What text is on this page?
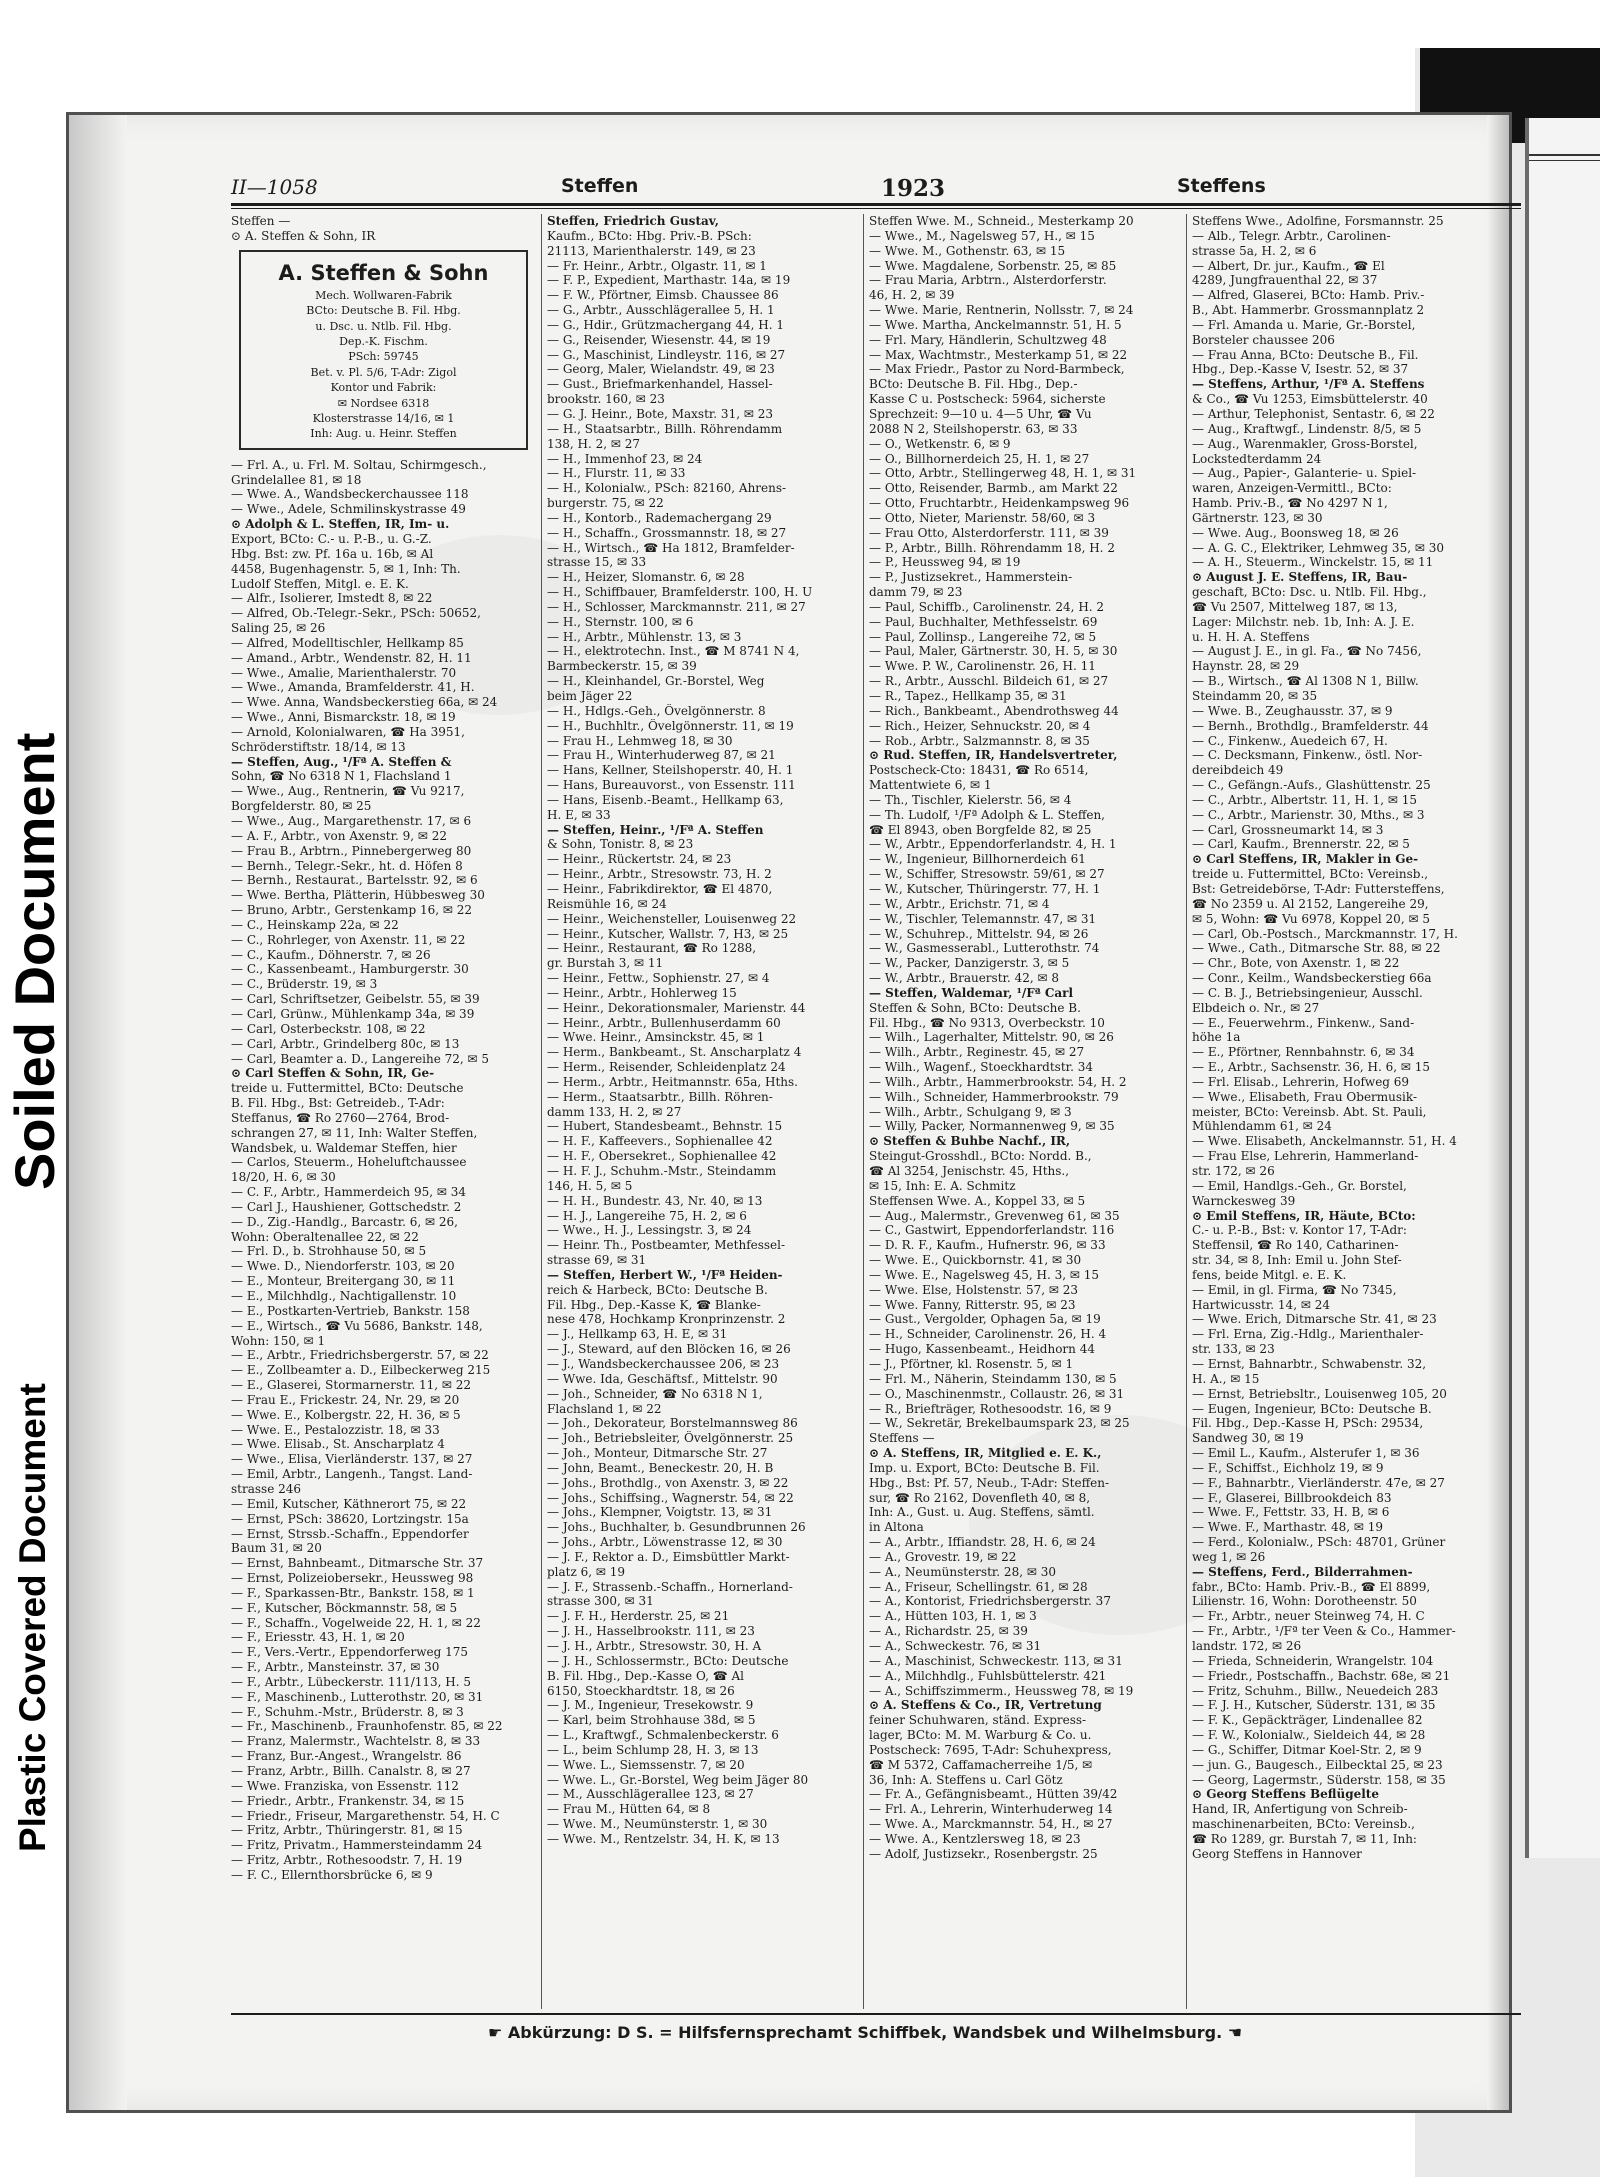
Soiled Document
Plastic Covered Document
II—1058	Steffen	1923	Steffens
Steffen —
⊙ A. Steffen & Sohn, IR
A. Steffen & Sohn
Mech. Wollwaren-Fabrik
BCto: Deutsche B. Fil. Hbg.
u. Dsc. u. Ntlb. Fil. Hbg.
Dep.-K. Fischm.
PSch: 59745
Bet. v. Pl. 5/6, T-Adr: Zigol
Kontor und Fabrik:
✉ Nordsee 6318
Klosterstrasse 14/16, ✉ 1
Inh: Aug. u. Heinr. Steffen
— Frl. A., u. Frl. M. Soltau, Schirmgesch.,
Grindelallee 81, ✉ 18
— Wwe. A., Wandsbeckerchaussee 118
— Wwe., Adele, Schmilinskystrasse 49
⊙ Adolph & L. Steffen, IR, Im- u.
Export, BCto: C.- u. P.-B., u. G.-Z.
Hbg. Bst: zw. Pf. 16a u. 16b, ✉ Al
4458, Bugenhagenstr. 5, ✉ 1, Inh: Th.
Ludolf Steffen, Mitgl. e. E. K.
— Alfr., Isolierer, Imstedt 8, ✉ 22
— Alfred, Ob.-Telegr.-Sekr., PSch: 50652,
Saling 25, ✉ 26
— Alfred, Modelltischler, Hellkamp 85
— Amand., Arbtr., Wendenstr. 82, H. 11
— Wwe., Amalie, Marienthalerstr. 70
— Wwe., Amanda, Bramfelderstr. 41, H.
— Wwe. Anna, Wandsbeckerstieg 66a, ✉ 24
— Wwe., Anni, Bismarckstr. 18, ✉ 19
— Arnold, Kolonialwaren, ☎ Ha 3951,
Schröderstiftstr. 18/14, ✉ 13
— Steffen, Aug., ¹/Fª A. Steffen &
Sohn, ☎ No 6318 N 1, Flachsland 1
— Wwe., Aug., Rentnerin, ☎ Vu 9217,
Borgfelderstr. 80, ✉ 25
— Wwe., Aug., Margarethenstr. 17, ✉ 6
— A. F., Arbtr., von Axenstr. 9, ✉ 22
— Frau B., Arbtrn., Pinnebergerweg 80
— Bernh., Telegr.-Sekr., ht. d. Höfen 8
— Bernh., Restaurat., Bartelsstr. 92, ✉ 6
— Wwe. Bertha, Plätterin, Hübbesweg 30
— Bruno, Arbtr., Gerstenkamp 16, ✉ 22
— C., Heinskamp 22a, ✉ 22
— C., Rohrleger, von Axenstr. 11, ✉ 22
— C., Kaufm., Döhnerstr. 7, ✉ 26
— C., Kassenbeamt., Hamburgerstr. 30
— C., Brüderstr. 19, ✉ 3
— Carl, Schriftsetzer, Geibelstr. 55, ✉ 39
— Carl, Grünw., Mühlenkamp 34a, ✉ 39
— Carl, Osterbeckstr. 108, ✉ 22
— Carl, Arbtr., Grindelberg 80c, ✉ 13
— Carl, Beamter a. D., Langereihe 72, ✉ 5
⊙ Carl Steffen & Sohn, IR, Ge-
treide u. Futtermittel, BCto: Deutsche
B. Fil. Hbg., Bst: Getreideb., T-Adr:
Steffanus, ☎ Ro 2760—2764, Brod-
schrangen 27, ✉ 11, Inh: Walter Steffen,
Wandsbek, u. Waldemar Steffen, hier
— Carlos, Steuerm., Hoheluftchaussee
18/20, H. 6, ✉ 30
— C. F., Arbtr., Hammerdeich 95, ✉ 34
— Carl J., Haushiener, Gottschedstr. 2
— D., Zig.-Handlg., Barcastr. 6, ✉ 26,
Wohn: Oberaltenallee 22, ✉ 22
— Frl. D., b. Strohhause 50, ✉ 5
— Wwe. D., Niendorferstr. 103, ✉ 20
— E., Monteur, Breitergang 30, ✉ 11
— E., Milchhdlg., Nachtigallenstr. 10
— E., Postkarten-Vertrieb, Bankstr. 158
— E., Wirtsch., ☎ Vu 5686, Bankstr. 148,
Wohn: 150, ✉ 1
— E., Arbtr., Friedrichsbergerstr. 57, ✉ 22
— E., Zollbeamter a. D., Eilbeckerweg 215
— E., Glaserei, Stormarnerstr. 11, ✉ 22
— Frau E., Frickestr. 24, Nr. 29, ✉ 20
— Wwe. E., Kolbergstr. 22, H. 36, ✉ 5
— Wwe. E., Pestalozzistr. 18, ✉ 33
— Wwe. Elisab., St. Anscharplatz 4
— Wwe., Elisa, Vierländerstr. 137, ✉ 27
— Emil, Arbtr., Langenh., Tangst. Land-
strasse 246
— Emil, Kutscher, Käthnerort 75, ✉ 22
— Ernst, PSch: 38620, Lortzingstr. 15a
— Ernst, Strssb.-Schaffn., Eppendorfer
Baum 31, ✉ 20
— Ernst, Bahnbeamt., Ditmarsche Str. 37
— Ernst, Polizeiobersekr., Heussweg 98
— F., Sparkassen-Btr., Bankstr. 158, ✉ 1
— F., Kutscher, Böckmannstr. 58, ✉ 5
— F., Schaffn., Vogelweide 22, H. 1, ✉ 22
— F., Eriesstr. 43, H. 1, ✉ 20
— F., Vers.-Vertr., Eppendorferweg 175
— F., Arbtr., Mansteinstr. 37, ✉ 30
— F., Arbtr., Lübeckerstr. 111/113, H. 5
— F., Maschinenb., Lutterothstr. 20, ✉ 31
— F., Schuhm.-Mstr., Brüderstr. 8, ✉ 3
— Fr., Maschinenb., Fraunhofenstr. 85, ✉ 22
— Franz, Malermstr., Wachtelstr. 8, ✉ 33
— Franz, Bur.-Angest., Wrangelstr. 86
— Franz, Arbtr., Billh. Canalstr. 8, ✉ 27
— Wwe. Franziska, von Essenstr. 112
— Friedr., Arbtr., Frankenstr. 34, ✉ 15
— Friedr., Friseur, Margarethenstr. 54, H. C
— Fritz, Arbtr., Thüringerstr. 81, ✉ 15
— Fritz, Privatm., Hammersteindamm 24
— Fritz, Arbtr., Rothesoodstr. 7, H. 19
— F. C., Ellernthorsbrücke 6, ✉ 9
Steffen, Friedrich Gustav,
Kaufm., BCto: Hbg. Priv.-B. PSch:
21113, Marienthalerstr. 149, ✉ 23
— Fr. Heinr., Arbtr., Olgastr. 11, ✉ 1
— F. P., Expedient, Marthastr. 14a, ✉ 19
— F. W., Pförtner, Eimsb. Chaussee 86
— G., Arbtr., Ausschlägerallee 5, H. 1
— G., Hdir., Grützmachergang 44, H. 1
— G., Reisender, Wiesenstr. 44, ✉ 19
— G., Maschinist, Lindleystr. 116, ✉ 27
— Georg, Maler, Wielandstr. 49, ✉ 23
— Gust., Briefmarkenhandel, Hassel-
brookstr. 160, ✉ 23
— G. J. Heinr., Bote, Maxstr. 31, ✉ 23
— H., Staatsarbtr., Billh. Röhrendamm
138, H. 2, ✉ 27
— H., Immenhof 23, ✉ 24
— H., Flurstr. 11, ✉ 33
— H., Kolonialw., PSch: 82160, Ahrens-
burgerstr. 75, ✉ 22
— H., Kontorb., Rademachergang 29
— H., Schaffn., Grossmannstr. 18, ✉ 27
— H., Wirtsch., ☎ Ha 1812, Bramfelder-
strasse 15, ✉ 33
— H., Heizer, Slomanstr. 6, ✉ 28
— H., Schiffbauer, Bramfelderstr. 100, H. U
— H., Schlosser, Marckmannstr. 211, ✉ 27
— H., Sternstr. 100, ✉ 6
— H., Arbtr., Mühlenstr. 13, ✉ 3
— H., elektrotechn. Inst., ☎ M 8741 N 4,
Barmbeckerstr. 15, ✉ 39
— H., Kleinhandel, Gr.-Borstel, Weg
beim Jäger 22
— H., Hdlgs.-Geh., Övelgönnerstr. 8
— H., Buchhltr., Övelgönnerstr. 11, ✉ 19
— Frau H., Lehmweg 18, ✉ 30
— Frau H., Winterhuderweg 87, ✉ 21
— Hans, Kellner, Steilshoperstr. 40, H. 1
— Hans, Bureauvorst., von Essenstr. 111
— Hans, Eisenb.-Beamt., Hellkamp 63,
H. E, ✉ 33
— Steffen, Heinr., ¹/Fª A. Steffen
& Sohn, Tonistr. 8, ✉ 23
— Heinr., Rückertstr. 24, ✉ 23
— Heinr., Arbtr., Stresowstr. 73, H. 2
— Heinr., Fabrikdirektor, ☎ El 4870,
Reismühle 16, ✉ 24
— Heinr., Weichensteller, Louisenweg 22
— Heinr., Kutscher, Wallstr. 7, H3, ✉ 25
— Heinr., Restaurant, ☎ Ro 1288,
gr. Burstah 3, ✉ 11
— Heinr., Fettw., Sophienstr. 27, ✉ 4
— Heinr., Arbtr., Hohlerweg 15
— Heinr., Dekorationsmaler, Marienstr. 44
— Heinr., Arbtr., Bullenhuserdamm 60
— Wwe. Heinr., Amsinckstr. 45, ✉ 1
— Herm., Bankbeamt., St. Anscharplatz 4
— Herm., Reisender, Schleidenplatz 24
— Herm., Arbtr., Heitmannstr. 65a, Hths.
— Herm., Staatsarbtr., Billh. Röhren-
damm 133, H. 2, ✉ 27
— Hubert, Standesbeamt., Behnstr. 15
— H. F., Kaffeevers., Sophienallee 42
— H. F., Obersekret., Sophienallee 42
— H. F. J., Schuhm.-Mstr., Steindamm
146, H. 5, ✉ 5
— H. H., Bundestr. 43, Nr. 40, ✉ 13
— H. J., Langereihe 75, H. 2, ✉ 6
— Wwe., H. J., Lessingstr. 3, ✉ 24
— Heinr. Th., Postbeamter, Methfessel-
strasse 69, ✉ 31
— Steffen, Herbert W., ¹/Fª Heiden-
reich & Harbeck, BCto: Deutsche B.
Fil. Hbg., Dep.-Kasse K, ☎ Blanke-
nese 478, Hochkamp Kronprinzenstr. 2
— J., Hellkamp 63, H. E, ✉ 31
— J., Steward, auf den Blöcken 16, ✉ 26
— J., Wandsbeckerchaussee 206, ✉ 23
— Wwe. Ida, Geschäftsf., Mittelstr. 90
— Joh., Schneider, ☎ No 6318 N 1,
Flachsland 1, ✉ 22
— Joh., Dekorateur, Borstelmannsweg 86
— Joh., Betriebsleiter, Övelgönnerstr. 25
— Joh., Monteur, Ditmarsche Str. 27
— John, Beamt., Beneckestr. 20, H. B
— Johs., Brothdlg., von Axenstr. 3, ✉ 22
— Johs., Schiffsing., Wagnerstr. 54, ✉ 22
— Johs., Klempner, Voigtstr. 13, ✉ 31
— Johs., Buchhalter, b. Gesundbrunnen 26
— Johs., Arbtr., Löwenstrasse 12, ✉ 30
— J. F., Rektor a. D., Eimsbüttler Markt-
platz 6, ✉ 19
— J. F., Strassenb.-Schaffn., Hornerland-
strasse 300, ✉ 31
— J. F. H., Herderstr. 25, ✉ 21
— J. H., Hasselbrookstr. 111, ✉ 23
— J. H., Arbtr., Stresowstr. 30, H. A
— J. H., Schlossermstr., BCto: Deutsche
B. Fil. Hbg., Dep.-Kasse O, ☎ Al
6150, Stoeckhardtstr. 18, ✉ 26
— J. M., Ingenieur, Tresekowstr. 9
— Karl, beim Strohhause 38d, ✉ 5
— L., Kraftwgf., Schmalenbeckerstr. 6
— L., beim Schlump 28, H. 3, ✉ 13
— Wwe. L., Siemssenstr. 7, ✉ 20
— Wwe. L., Gr.-Borstel, Weg beim Jäger 80
— M., Ausschlägerallee 123, ✉ 27
— Frau M., Hütten 64, ✉ 8
— Wwe. M., Neumünsterstr. 1, ✉ 30
— Wwe. M., Rentzelstr. 34, H. K, ✉ 13
Steffen Wwe. M., Schneid., Mesterkamp 20
— Wwe., M., Nagelsweg 57, H., ✉ 15
— Wwe. M., Gothenstr. 63, ✉ 15
— Wwe. Magdalene, Sorbenstr. 25, ✉ 85
— Frau Maria, Arbtrn., Alsterdorferstr.
46, H. 2, ✉ 39
— Wwe. Marie, Rentnerin, Nollsstr. 7, ✉ 24
— Wwe. Martha, Anckelmannstr. 51, H. 5
— Frl. Mary, Händlerin, Schultzweg 48
— Max, Wachtmstr., Mesterkamp 51, ✉ 22
— Max Friedr., Pastor zu Nord-Barmbeck,
BCto: Deutsche B. Fil. Hbg., Dep.-
Kasse C u. Postscheck: 5964, sicherste
Sprechzeit: 9—10 u. 4—5 Uhr, ☎ Vu
2088 N 2, Steilshoperstr. 63, ✉ 33
— O., Wetkenstr. 6, ✉ 9
— O., Billhornerdeich 25, H. 1, ✉ 27
— Otto, Arbtr., Stellingerweg 48, H. 1, ✉ 31
— Otto, Reisender, Barmb., am Markt 22
— Otto, Fruchtarbtr., Heidenkampsweg 96
— Otto, Nieter, Marienstr. 58/60, ✉ 3
— Frau Otto, Alsterdorferstr. 111, ✉ 39
— P., Arbtr., Billh. Röhrendamm 18, H. 2
— P., Heussweg 94, ✉ 19
— P., Justizsekret., Hammerstein-
damm 79, ✉ 23
— Paul, Schiffb., Carolinenstr. 24, H. 2
— Paul, Buchhalter, Methfesselstr. 69
— Paul, Zollinsp., Langereihe 72, ✉ 5
— Paul, Maler, Gärtnerstr. 30, H. 5, ✉ 30
— Wwe. P. W., Carolinenstr. 26, H. 11
— R., Arbtr., Ausschl. Bildeich 61, ✉ 27
— R., Tapez., Hellkamp 35, ✉ 31
— Rich., Bankbeamt., Abendrothsweg 44
— Rich., Heizer, Sehnuckstr. 20, ✉ 4
— Rob., Arbtr., Salzmannstr. 8, ✉ 35
⊙ Rud. Steffen, IR, Handelsvertreter,
Postscheck-Cto: 18431, ☎ Ro 6514,
Mattentwiete 6, ✉ 1
— Th., Tischler, Kielerstr. 56, ✉ 4
— Th. Ludolf, ¹/Fª Adolph & L. Steffen,
☎ El 8943, oben Borgfelde 82, ✉ 25
— W., Arbtr., Eppendorferlandstr. 4, H. 1
— W., Ingenieur, Billhornerdeich 61
— W., Schiffer, Stresowstr. 59/61, ✉ 27
— W., Kutscher, Thüringerstr. 77, H. 1
— W., Arbtr., Erichstr. 71, ✉ 4
— W., Tischler, Telemannstr. 47, ✉ 31
— W., Schuhrep., Mittelstr. 94, ✉ 26
— W., Gasmesserabl., Lutterothstr. 74
— W., Packer, Danzigerstr. 3, ✉ 5
— W., Arbtr., Brauerstr. 42, ✉ 8
— Steffen, Waldemar, ¹/Fª Carl
Steffen & Sohn, BCto: Deutsche B.
Fil. Hbg., ☎ No 9313, Overbeckstr. 10
— Wilh., Lagerhalter, Mittelstr. 90, ✉ 26
— Wilh., Arbtr., Reginestr. 45, ✉ 27
— Wilh., Wagenf., Stoeckhardtstr. 34
— Wilh., Arbtr., Hammerbrookstr. 54, H. 2
— Wilh., Schneider, Hammerbrookstr. 79
— Wilh., Arbtr., Schulgang 9, ✉ 3
— Willy, Packer, Normannenweg 9, ✉ 35
⊙ Steffen & Buhbe Nachf., IR,
Steingut-Grosshdl., BCto: Nordd. B.,
☎ Al 3254, Jenischstr. 45, Hths.,
✉ 15, Inh: E. A. Schmitz
Steffensen Wwe. A., Koppel 33, ✉ 5
— Aug., Malermstr., Grevenweg 61, ✉ 35
— C., Gastwirt, Eppendorferlandstr. 116
— D. R. F., Kaufm., Hufnerstr. 96, ✉ 33
— Wwe. E., Quickbornstr. 41, ✉ 30
— Wwe. E., Nagelsweg 45, H. 3, ✉ 15
— Wwe. Else, Holstenstr. 57, ✉ 23
— Wwe. Fanny, Ritterstr. 95, ✉ 23
— Gust., Vergolder, Ophagen 5a, ✉ 19
— H., Schneider, Carolinenstr. 26, H. 4
— Hugo, Kassenbeamt., Heidhorn 44
— J., Pförtner, kl. Rosenstr. 5, ✉ 1
— Frl. M., Näherin, Steindamm 130, ✉ 5
— O., Maschinenmstr., Collaustr. 26, ✉ 31
— R., Briefträger, Rothesoodstr. 16, ✉ 9
— W., Sekretär, Brekelbaumspark 23, ✉ 25
Steffens —
⊙ A. Steffens, IR, Mitglied e. E. K.,
Imp. u. Export, BCto: Deutsche B. Fil.
Hbg., Bst: Pf. 57, Neub., T-Adr: Steffen-
sur, ☎ Ro 2162, Dovenfleth 40, ✉ 8,
Inh: A., Gust. u. Aug. Steffens, sämtl.
in Altona
— A., Arbtr., Iffiandstr. 28, H. 6, ✉ 24
— A., Grovestr. 19, ✉ 22
— A., Neumünsterstr. 28, ✉ 30
— A., Friseur, Schellingstr. 61, ✉ 28
— A., Kontorist, Friedrichsbergerstr. 37
— A., Hütten 103, H. 1, ✉ 3
— A., Richardstr. 25, ✉ 39
— A., Schweckestr. 76, ✉ 31
— A., Maschinist, Schweckestr. 113, ✉ 31
— A., Milchhdlg., Fuhlsbüttelerstr. 421
— A., Schiffszimmerm., Heussweg 78, ✉ 19
⊙ A. Steffens & Co., IR, Vertretung
feiner Schuhwaren, ständ. Express-
lager, BCto: M. M. Warburg & Co. u.
Postscheck: 7695, T-Adr: Schuhexpress,
☎ M 5372, Caffamacherreihe 1/5, ✉
36, Inh: A. Steffens u. Carl Götz
— Fr. A., Gefängnisbeamt., Hütten 39/42
— Frl. A., Lehrerin, Winterhuderweg 14
— Wwe. A., Marckmannstr. 54, H., ✉ 27
— Wwe. A., Kentzlersweg 18, ✉ 23
— Adolf, Justizsekr., Rosenbergstr. 25
Steffens Wwe., Adolfine, Forsmannstr. 25
— Alb., Telegr. Arbtr., Carolinen-
strasse 5a, H. 2, ✉ 6
— Albert, Dr. jur., Kaufm., ☎ El
4289, Jungfrauenthal 22, ✉ 37
— Alfred, Glaserei, BCto: Hamb. Priv.-
B., Abt. Hammerbr. Grossmannplatz 2
— Frl. Amanda u. Marie, Gr.-Borstel,
Borsteler chaussee 206
— Frau Anna, BCto: Deutsche B., Fil.
Hbg., Dep.-Kasse V, Isestr. 52, ✉ 37
— Steffens, Arthur, ¹/Fª A. Steffens
& Co., ☎ Vu 1253, Eimsbüttelerstr. 40
— Arthur, Telephonist, Sentastr. 6, ✉ 22
— Aug., Kraftwgf., Lindenstr. 8/5, ✉ 5
— Aug., Warenmakler, Gross-Borstel,
Lockstedterdamm 24
— Aug., Papier-, Galanterie- u. Spiel-
waren, Anzeigen-Vermittl., BCto:
Hamb. Priv.-B., ☎ No 4297 N 1,
Gärtnerstr. 123, ✉ 30
— Wwe. Aug., Boonsweg 18, ✉ 26
— A. G. C., Elektriker, Lehmweg 35, ✉ 30
— A. H., Steuerm., Winckelstr. 15, ✉ 11
⊙ August J. E. Steffens, IR, Bau-
geschaft, BCto: Dsc. u. Ntlb. Fil. Hbg.,
☎ Vu 2507, Mittelweg 187, ✉ 13,
Lager: Milchstr. neb. 1b, Inh: A. J. E.
u. H. H. A. Steffens
— August J. E., in gl. Fa., ☎ No 7456,
Haynstr. 28, ✉ 29
— B., Wirtsch., ☎ Al 1308 N 1, Billw.
Steindamm 20, ✉ 35
— Wwe. B., Zeughausstr. 37, ✉ 9
— Bernh., Brothdlg., Bramfelderstr. 44
— C., Finkenw., Auedeich 67, H.
— C. Decksmann, Finkenw., östl. Nor-
dereibdeich 49
— C., Gefängn.-Aufs., Glashüttenstr. 25
— C., Arbtr., Albertstr. 11, H. 1, ✉ 15
— C., Arbtr., Marienstr. 30, Mths., ✉ 3
— Carl, Grossneumarkt 14, ✉ 3
— Carl, Kaufm., Brennerstr. 22, ✉ 5
⊙ Carl Steffens, IR, Makler in Ge-
treide u. Futtermittel, BCto: Vereinsb.,
Bst: Getreidebörse, T-Adr: Futtersteffens,
☎ No 2359 u. Al 2152, Langereihe 29,
✉ 5, Wohn: ☎ Vu 6978, Koppel 20, ✉ 5
— Carl, Ob.-Postsch., Marckmannstr. 17, H.
— Wwe., Cath., Ditmarsche Str. 88, ✉ 22
— Chr., Bote, von Axenstr. 1, ✉ 22
— Conr., Keilm., Wandsbeckerstieg 66a
— C. B. J., Betriebsingenieur, Ausschl.
Elbdeich o. Nr., ✉ 27
— E., Feuerwehrm., Finkenw., Sand-
höhe 1a
— E., Pförtner, Rennbahnstr. 6, ✉ 34
— E., Arbtr., Sachsenstr. 36, H. 6, ✉ 15
— Frl. Elisab., Lehrerin, Hofweg 69
— Wwe., Elisabeth, Frau Obermusik-
meister, BCto: Vereinsb. Abt. St. Pauli,
Mühlendamm 61, ✉ 24
— Wwe. Elisabeth, Anckelmannstr. 51, H. 4
— Frau Else, Lehrerin, Hammerland-
str. 172, ✉ 26
— Emil, Handlgs.-Geh., Gr. Borstel,
Warnckesweg 39
⊙ Emil Steffens, IR, Häute, BCto:
C.- u. P.-B., Bst: v. Kontor 17, T-Adr:
Steffensil, ☎ Ro 140, Catharinen-
str. 34, ✉ 8, Inh: Emil u. John Stef-
fens, beide Mitgl. e. E. K.
— Emil, in gl. Firma, ☎ No 7345,
Hartwicusstr. 14, ✉ 24
— Wwe. Erich, Ditmarsche Str. 41, ✉ 23
— Frl. Erna, Zig.-Hdlg., Marienthaler-
str. 133, ✉ 23
— Ernst, Bahnarbtr., Schwabenstr. 32,
H. A., ✉ 15
— Ernst, Betriebsltr., Louisenweg 105, 20
— Eugen, Ingenieur, BCto: Deutsche B.
Fil. Hbg., Dep.-Kasse H, PSch: 29534,
Sandweg 30, ✉ 19
— Emil L., Kaufm., Alsterufer 1, ✉ 36
— F., Schiffst., Eichholz 19, ✉ 9
— F., Bahnarbtr., Vierländerstr. 47e, ✉ 27
— F., Glaserei, Billbrookdeich 83
— Wwe. F., Fettstr. 33, H. B, ✉ 6
— Wwe. F., Marthastr. 48, ✉ 19
— Ferd., Kolonialw., PSch: 48701, Grüner
weg 1, ✉ 26
— Steffens, Ferd., Bilderrahmen-
fabr., BCto: Hamb. Priv.-B., ☎ El 8899,
Lilienstr. 16, Wohn: Dorotheenstr. 50
— Fr., Arbtr., neuer Steinweg 74, H. C
— Fr., Arbtr., ¹/Fª ter Veen & Co., Hammer-
landstr. 172, ✉ 26
— Frieda, Schneiderin, Wrangelstr. 104
— Friedr., Postschaffn., Bachstr. 68e, ✉ 21
— Fritz, Schuhm., Billw., Neuedeich 283
— F. J. H., Kutscher, Süderstr. 131, ✉ 35
— F. K., Gepäckträger, Lindenallee 82
— F. W., Kolonialw., Sieldeich 44, ✉ 28
— G., Schiffer, Ditmar Koel-Str. 2, ✉ 9
— jun. G., Baugesch., Eilbecktal 25, ✉ 23
— Georg, Lagermstr., Süderstr. 158, ✉ 35
⊙ Georg Steffens Beflügelte
Hand, IR, Anfertigung von Schreib-
maschinenarbeiten, BCto: Vereinsb.,
☎ Ro 1289, gr. Burstah 7, ✉ 11, Inh:
Georg Steffens in Hannover
☛ Abkürzung: D S. = Hilfsfernsprechamt Schiffbek, Wandsbek und Wilhelmsburg. ☚
